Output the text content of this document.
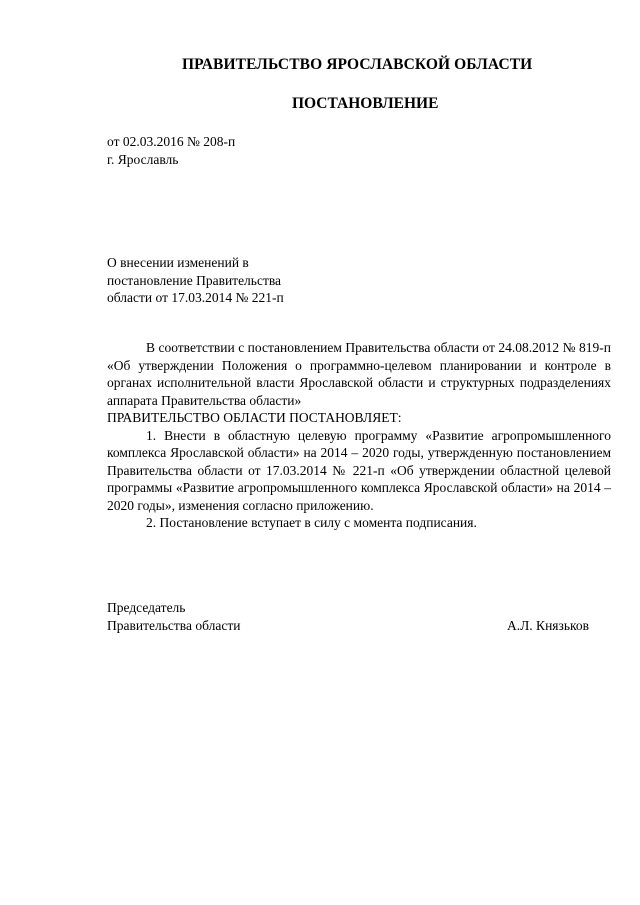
ПРАВИТЕЛЬСТВО ЯРОСЛАВСКОЙ ОБЛАСТИ
ПОСТАНОВЛЕНИЕ
от 02.03.2016 № 208-п
г. Ярославль
О внесении изменений в
постановление Правительства
области от 17.03.2014 № 221-п

В соответствии с постановлением Правительства области от 24.08.2012 № 819-п «Об утверждении Положения о программно-целевом планировании и контроле в органах исполнительной власти Ярославской области и структурных подразделениях аппарата Правительства области»

ПРАВИТЕЛЬСТВО ОБЛАСТИ ПОСТАНОВЛЯЕТ:

1. Внести в областную целевую программу «Развитие агропромышленного комплекса Ярославской области» на 2014 – 2020 годы, утвержденную постановлением Правительства области от 17.03.2014 № 221-п «Об утверждении областной целевой программы «Развитие агропромышленного комплекса Ярославской области» на 2014 – 2020 годы», изменения согласно приложению.

2. Постановление вступает в силу с момента подписания.

Председатель
Правительства области	А.Л. Князьков
